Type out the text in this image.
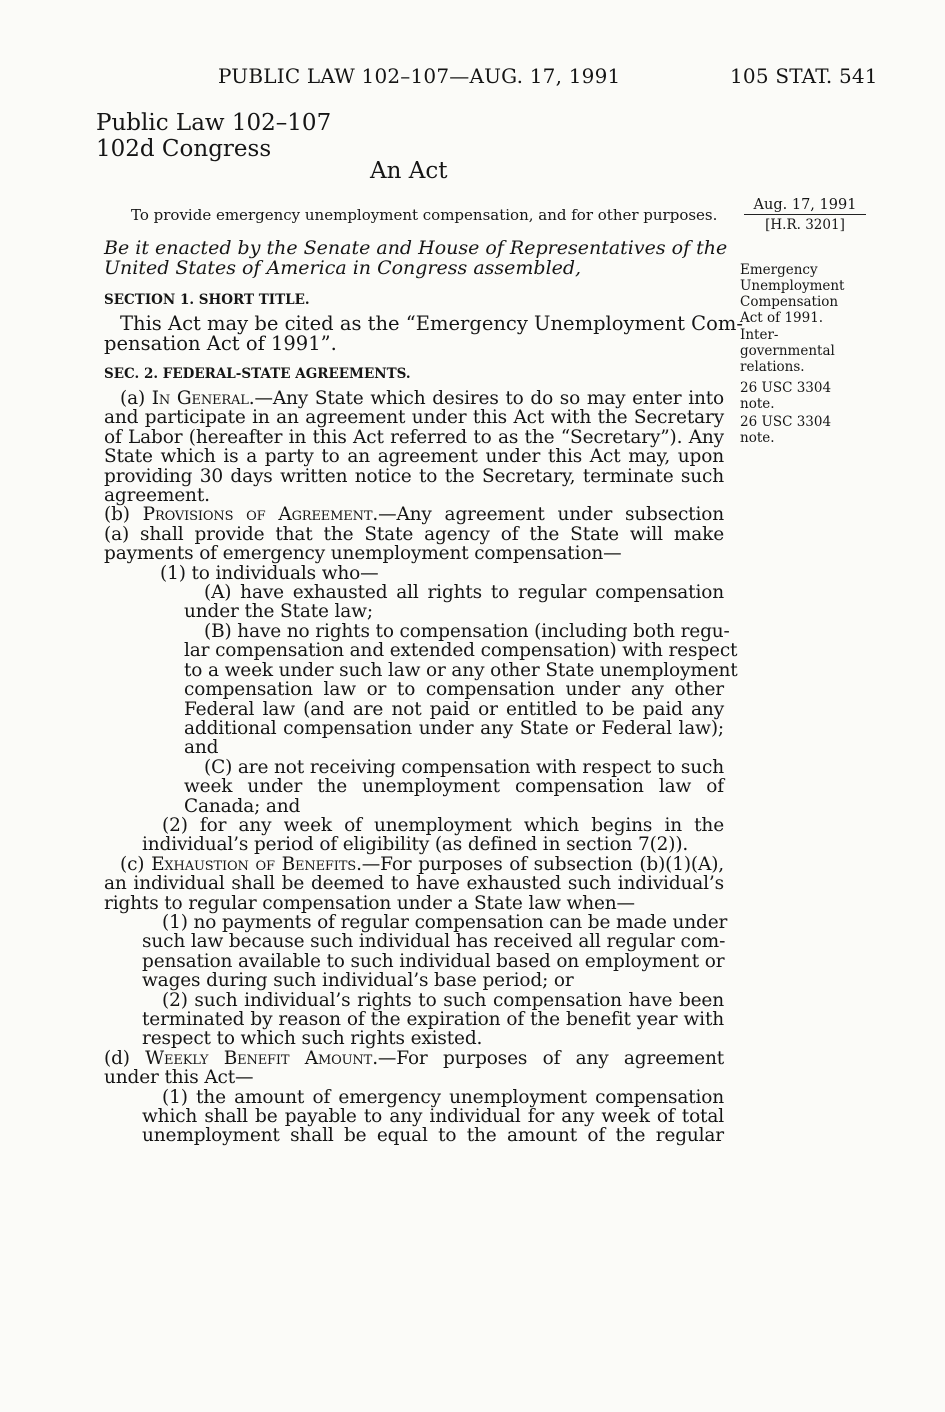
PUBLIC LAW 102–107—AUG. 17, 1991	105 STAT. 541
Public Law 102–107
102d Congress
An Act
To provide emergency unemployment compensation, and for other purposes.
Aug. 17, 1991
[H.R. 3201]
Emergency
Unemployment
Compensation
Act of 1991.
Inter-
governmental
relations.
26 USC 3304
note.
26 USC 3304
note.
Be it enacted by the Senate and House of Representatives of the
United States of America in Congress assembled,
SECTION 1. SHORT TITLE.
This Act may be cited as the “Emergency Unemployment Com-
pensation Act of 1991”.
SEC. 2. FEDERAL-STATE AGREEMENTS.
(a) In General.—Any State which desires to do so may enter into
and participate in an agreement under this Act with the Secretary
of Labor (hereafter in this Act referred to as the “Secretary”). Any
State which is a party to an agreement under this Act may, upon
providing 30 days written notice to the Secretary, terminate such
agreement.
(b) Provisions of Agreement.—Any agreement under subsection
(a) shall provide that the State agency of the State will make
payments of emergency unemployment compensation—
(1) to individuals who—
(A) have exhausted all rights to regular compensation
under the State law;
(B) have no rights to compensation (including both regu-
lar compensation and extended compensation) with respect
to a week under such law or any other State unemployment
compensation law or to compensation under any other
Federal law (and are not paid or entitled to be paid any
additional compensation under any State or Federal law);
and
(C) are not receiving compensation with respect to such
week under the unemployment compensation law of
Canada; and
(2) for any week of unemployment which begins in the
individual’s period of eligibility (as defined in section 7(2)).
(c) Exhaustion of Benefits.—For purposes of subsection (b)(1)(A),
an individual shall be deemed to have exhausted such individual’s
rights to regular compensation under a State law when—
(1) no payments of regular compensation can be made under
such law because such individual has received all regular com-
pensation available to such individual based on employment or
wages during such individual’s base period; or
(2) such individual’s rights to such compensation have been
terminated by reason of the expiration of the benefit year with
respect to which such rights existed.
(d) Weekly Benefit Amount.—For purposes of any agreement
under this Act—
(1) the amount of emergency unemployment compensation
which shall be payable to any individual for any week of total
unemployment shall be equal to the amount of the regular
